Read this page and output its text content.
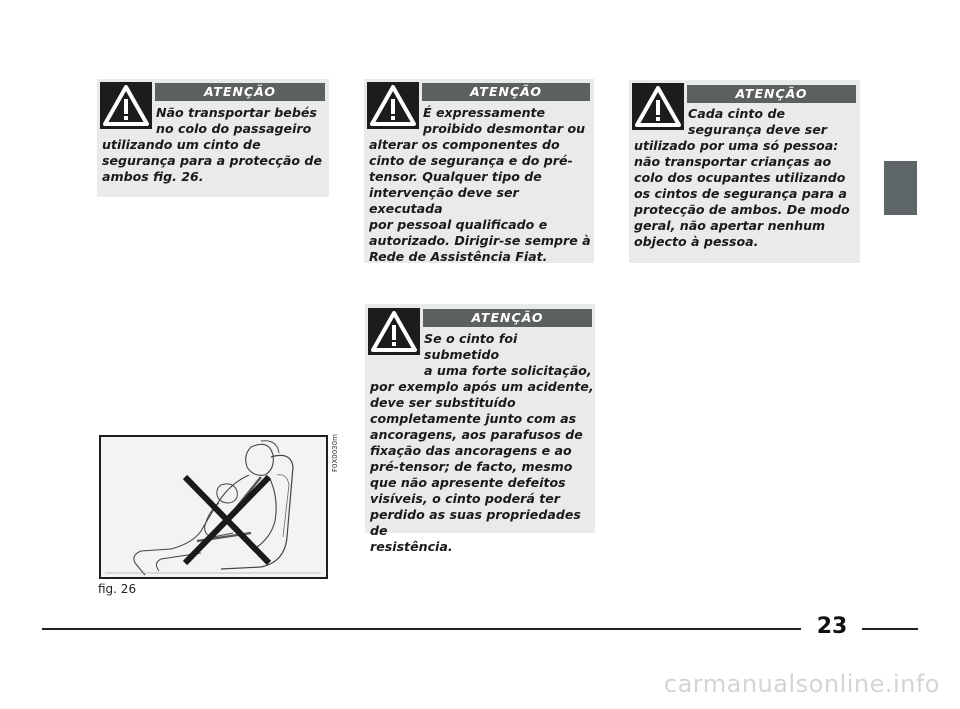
ATENÇÃO
Não transportar bebés
no colo do passageiro
utilizando um cinto de
segurança para a protecção de
ambos fig. 26.
ATENÇÃO
É expressamente
proibido desmontar ou
alterar os componentes do
cinto de segurança e do pré-
tensor. Qualquer tipo de
intervenção deve ser executada
por pessoal qualificado e
autorizado. Dirigir-se sempre à
Rede de Assistência Fiat.
ATENÇÃO
Cada cinto de
segurança deve ser
utilizado por uma só pessoa:
não transportar crianças ao
colo dos ocupantes utilizando
os cintos de segurança para a
protecção de ambos. De modo
geral, não apertar nenhum
objecto à pessoa.
ATENÇÃO
Se o cinto foi submetido
a uma forte solicitação,
por exemplo após um acidente,
deve ser substituído
completamente junto com as
ancoragens, aos parafusos de
fixação das ancoragens e ao
pré-tensor; de facto, mesmo
que não apresente defeitos
visíveis, o cinto poderá ter
perdido as suas propriedades de
resistência.
F0X0030m
fig. 26
23
carmanualsonline.info
